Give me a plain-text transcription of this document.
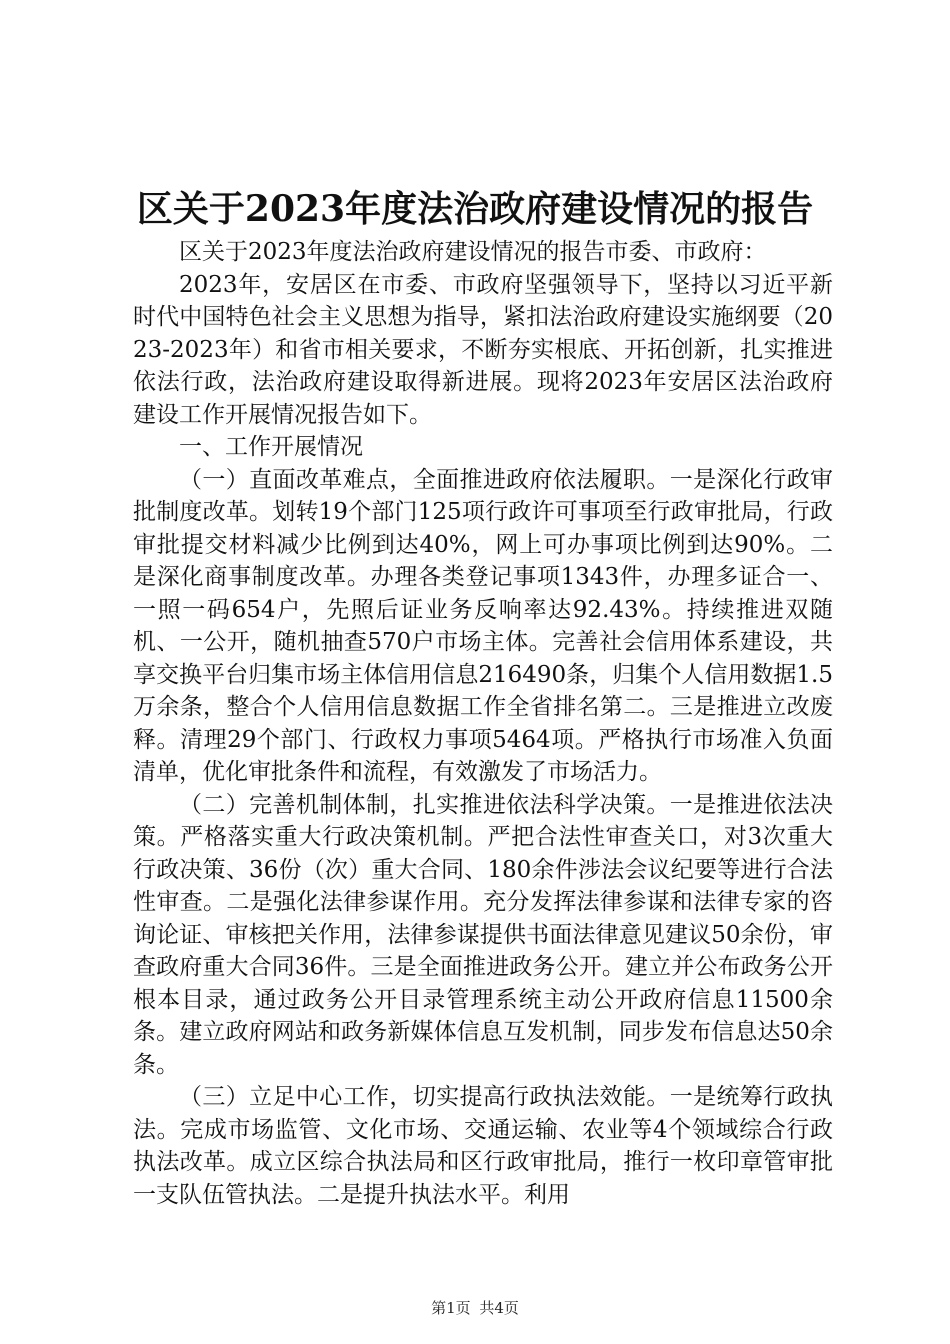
区关于2023年度法治政府建设情况的报告

区关于2023年度法治政府建设情况的报告市委、市政府：

2023年，安居区在市委、市政府坚强领导下，坚持以习近平新时代中国特色社会主义思想为指导，紧扣法治政府建设实施纲要（2023-2023年）和省市相关要求，不断夯实根底、开拓创新，扎实推进依法行政，法治政府建设取得新进展。现将2023年安居区法治政府建设工作开展情况报告如下。

一、工作开展情况

（一）直面改革难点，全面推进政府依法履职。一是深化行政审批制度改革。划转19个部门125项行政许可事项至行政审批局，行政审批提交材料减少比例到达40%，网上可办事项比例到达90%。二是深化商事制度改革。办理各类登记事项1343件，办理多证合一、一照一码654户，先照后证业务反响率达92.43%。持续推进双随机、一公开，随机抽查570户市场主体。完善社会信用体系建设，共享交换平台归集市场主体信用信息216490条，归集个人信用数据1.5万余条，整合个人信用信息数据工作全省排名第二。三是推进立改废释。清理29个部门、行政权力事项5464项。严格执行市场准入负面清单，优化审批条件和流程，有效激发了市场活力。

（二）完善机制体制，扎实推进依法科学决策。一是推进依法决策。严格落实重大行政决策机制。严把合法性审查关口，对3次重大行政决策、36份（次）重大合同、180余件涉法会议纪要等进行合法性审查。二是强化法律参谋作用。充分发挥法律参谋和法律专家的咨询论证、审核把关作用，法律参谋提供书面法律意见建议50余份，审查政府重大合同36件。三是全面推进政务公开。建立并公布政务公开根本目录，通过政务公开目录管理系统主动公开政府信息11500余条。建立政府网站和政务新媒体信息互发机制，同步发布信息达50余条。

（三）立足中心工作，切实提高行政执法效能。一是统筹行政执法。完成市场监管、文化市场、交通运输、农业等4个领域综合行政执法改革。成立区综合执法局和区行政审批局，推行一枚印章管审批一支队伍管执法。二是提升执法水平。利用

第1页 共4页
